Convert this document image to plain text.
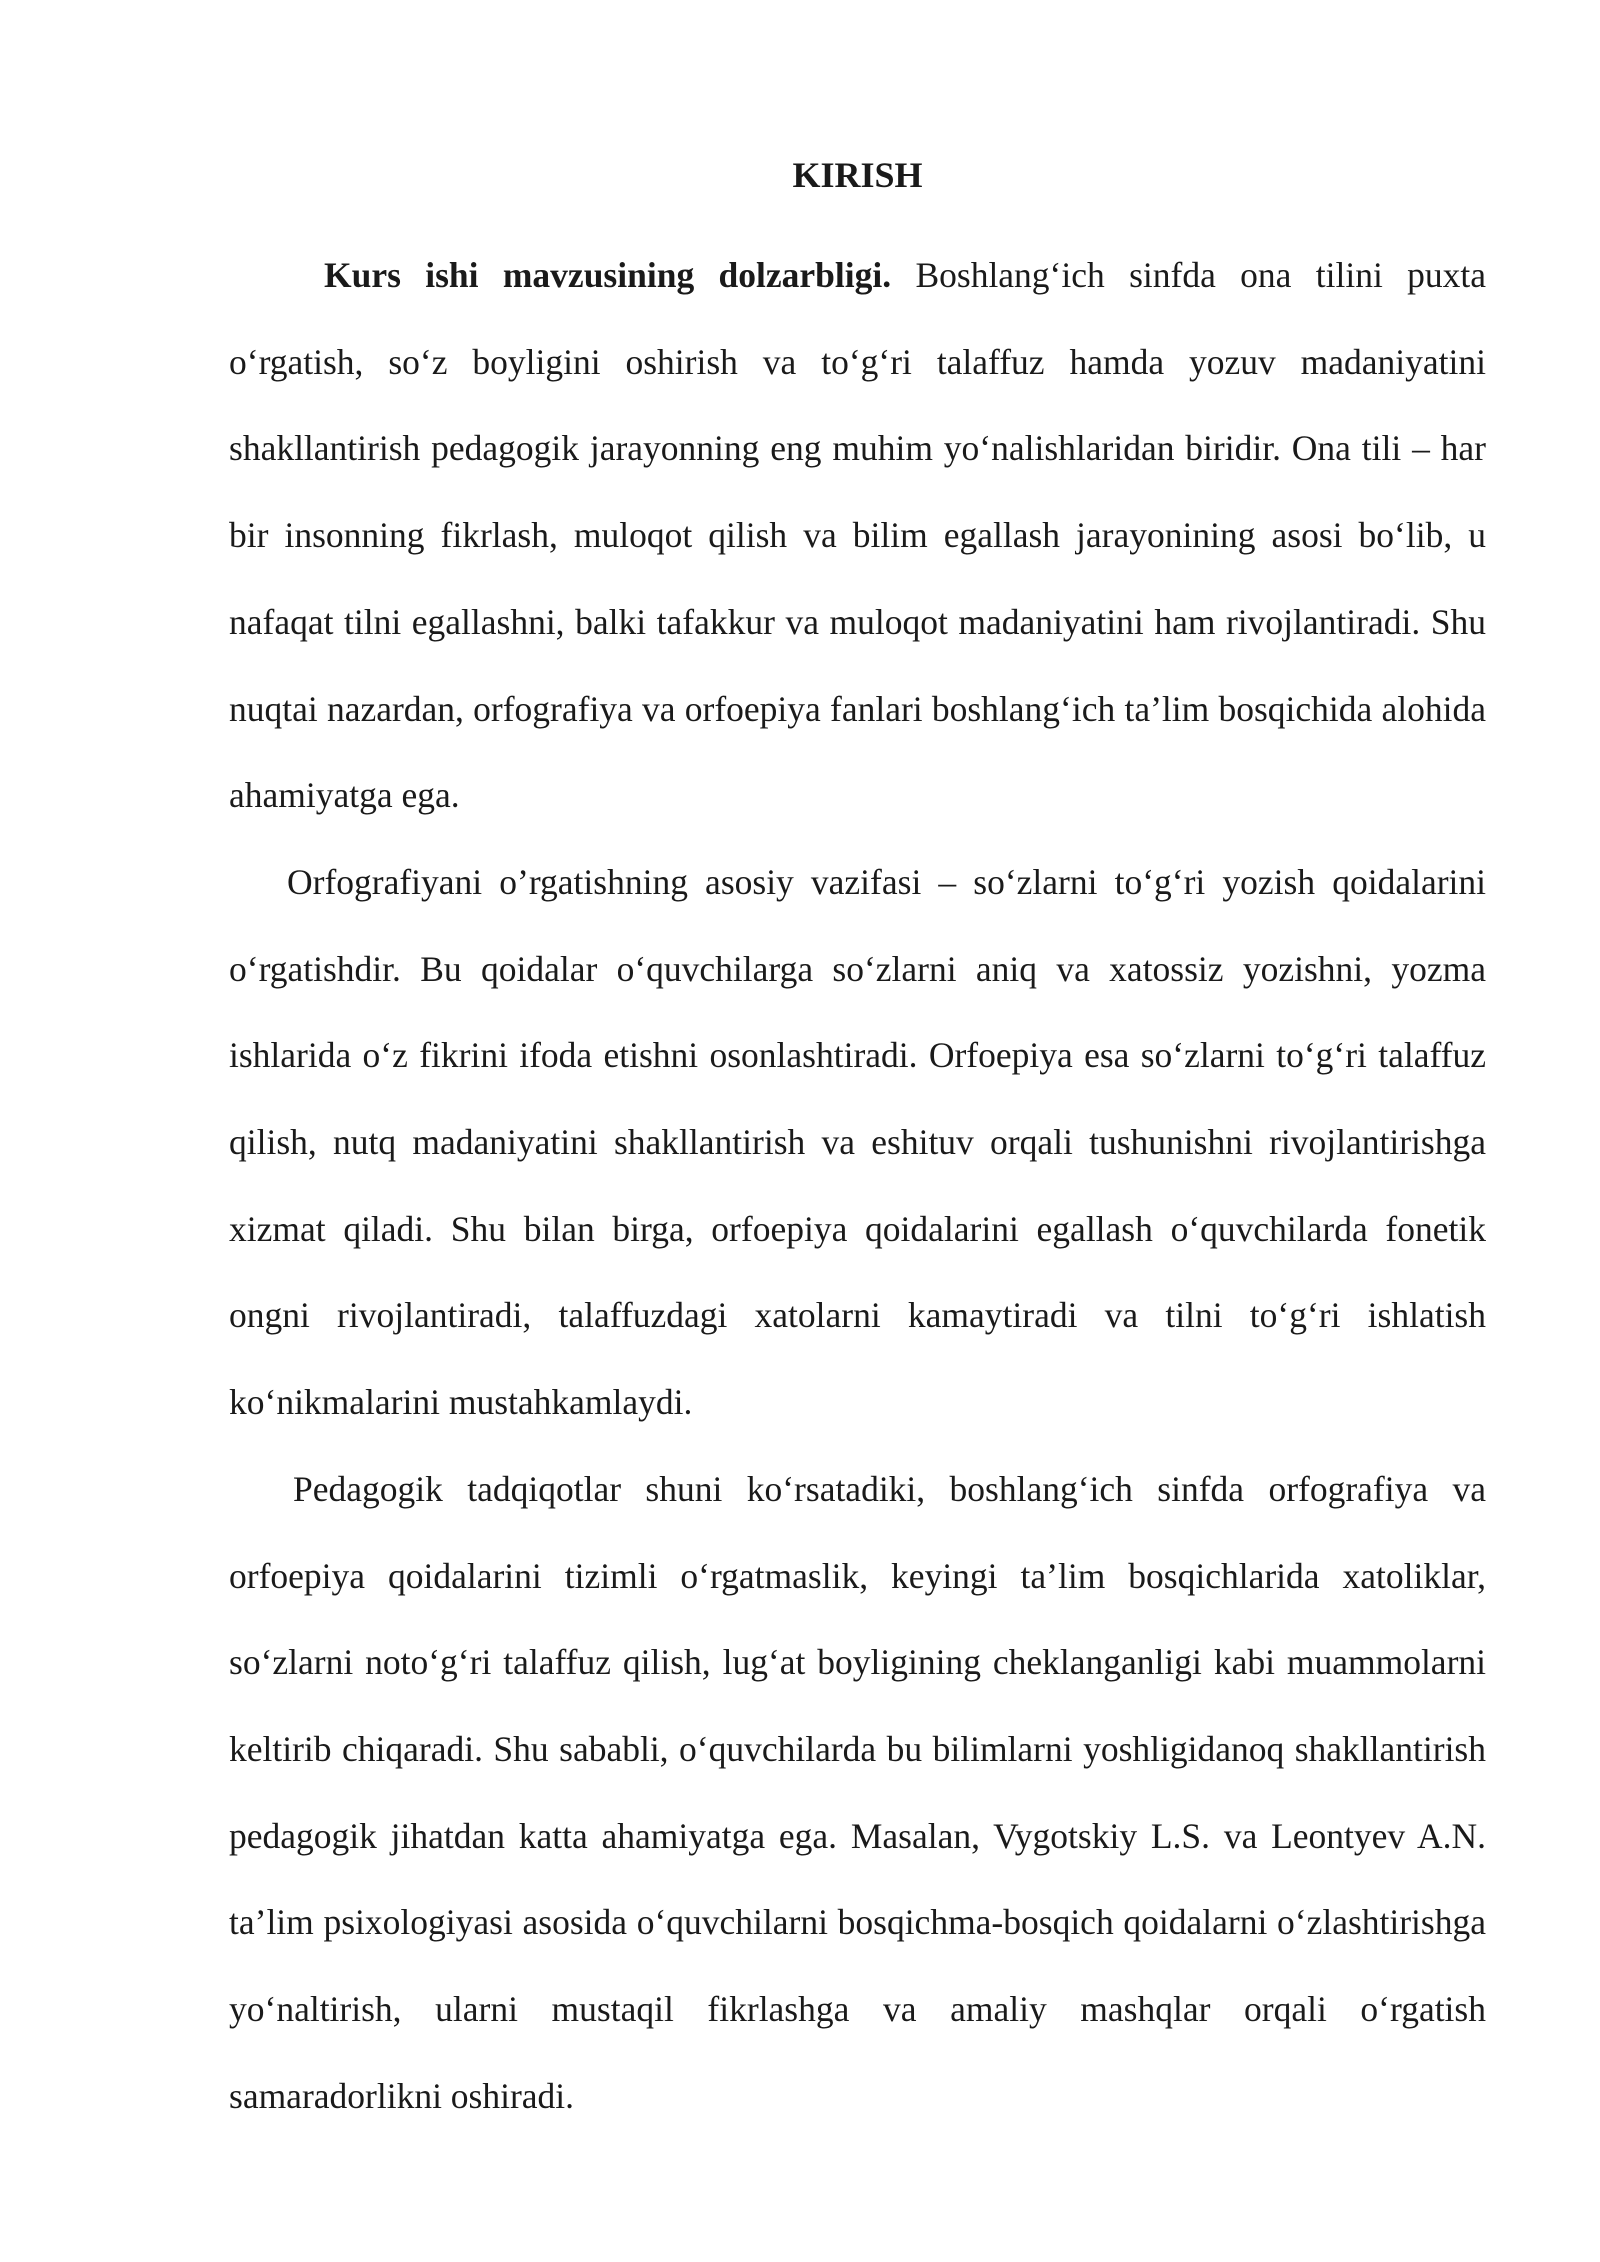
KIRISH

Kurs ishi mavzusining dolzarbligi. Boshlang‘ich sinfda ona tilini puxta o‘rgatish, so‘z boyligini oshirish va to‘g‘ri talaffuz hamda yozuv madaniyatini shakllantirish pedagogik jarayonning eng muhim yo‘nalishlaridan biridir. Ona tili – har bir insonning fikrlash, muloqot qilish va bilim egallash jarayonining asosi bo‘lib, u nafaqat tilni egallashni, balki tafakkur va muloqot madaniyatini ham rivojlantiradi. Shu nuqtai nazardan, orfografiya va orfoepiya fanlari boshlang‘ich ta’lim bosqichida alohida ahamiyatga ega.

Orfografiyani o’rgatishning asosiy vazifasi – so‘zlarni to‘g‘ri yozish qoidalarini o‘rgatishdir. Bu qoidalar o‘quvchilarga so‘zlarni aniq va xatossiz yozishni, yozma ishlarida o‘z fikrini ifoda etishni osonlashtiradi. Orfoepiya esa so‘zlarni to‘g‘ri talaffuz qilish, nutq madaniyatini shakllantirish va eshituv orqali tushunishni rivojlantirishga xizmat qiladi. Shu bilan birga, orfoepiya qoidalarini egallash o‘quvchilarda fonetik ongni rivojlantiradi, talaffuzdagi xatolarni kamaytiradi va tilni to‘g‘ri ishlatish ko‘nikmalarini mustahkamlaydi.

Pedagogik tadqiqotlar shuni ko‘rsatadiki, boshlang‘ich sinfda orfografiya va orfoepiya qoidalarini tizimli o‘rgatmaslik, keyingi ta’lim bosqichlarida xatoliklar, so‘zlarni noto‘g‘ri talaffuz qilish, lug‘at boyligining cheklanganligi kabi muammolarni keltirib chiqaradi. Shu sababli, o‘quvchilarda bu bilimlarni yoshligidanoq shakllantirish pedagogik jihatdan katta ahamiyatga ega. Masalan, Vygotskiy L.S. va Leontyev A.N. ta’lim psixologiyasi asosida o‘quvchilarni bosqichma-bosqich qoidalarni o‘zlashtirishga yo‘naltirish, ularni mustaqil fikrlashga va amaliy mashqlar orqali o‘rgatish samaradorlikni oshiradi.
